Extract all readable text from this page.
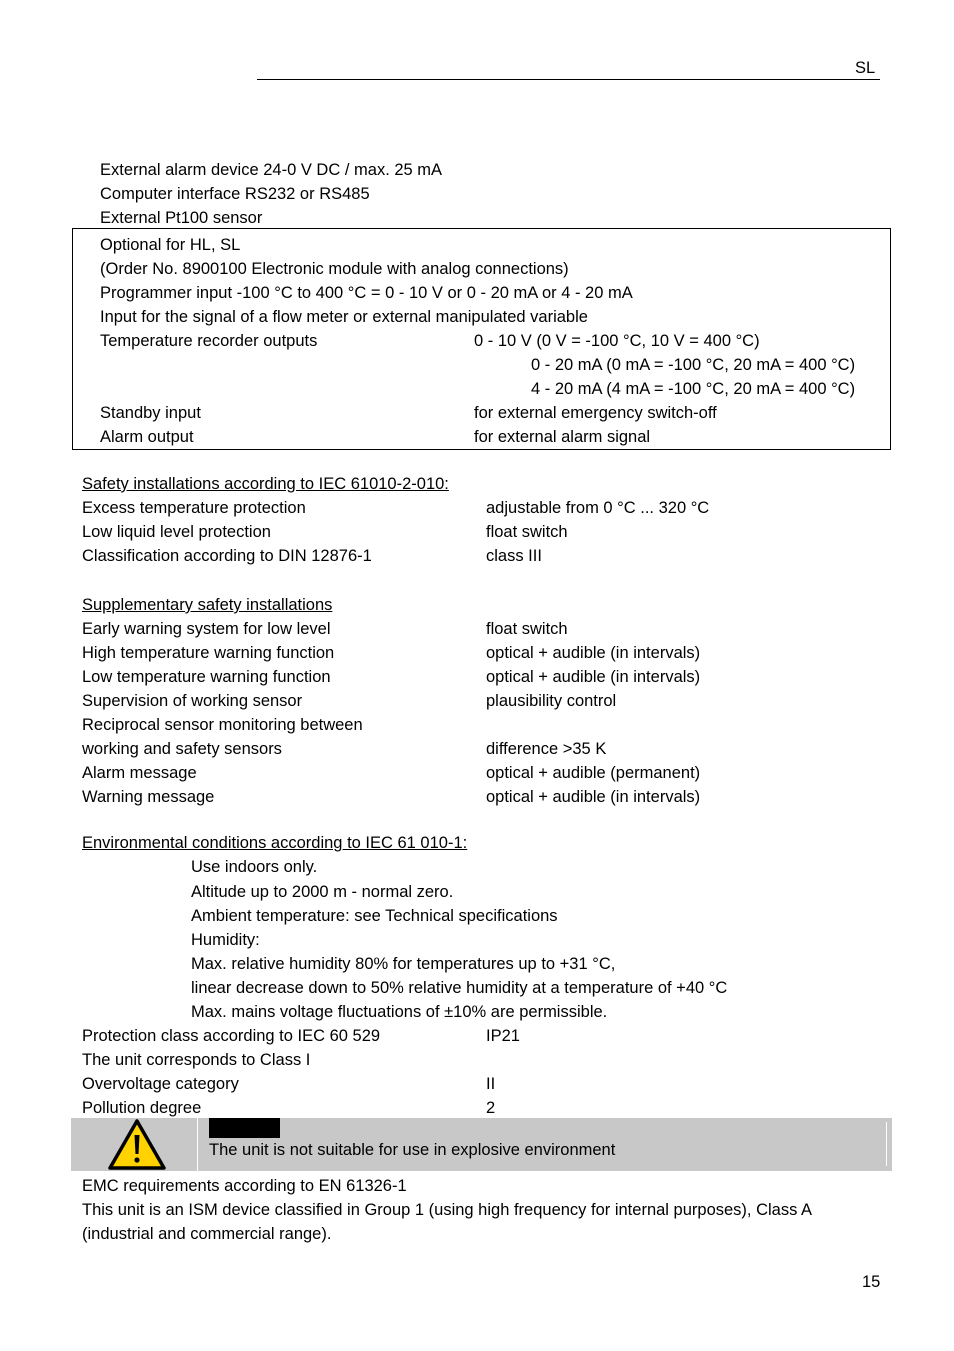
SL
External alarm device 24-0 V DC / max. 25 mA
Computer interface RS232 or RS485
External Pt100 sensor
Optional for HL, SL
(Order No. 8900100 Electronic module with analog connections)
Programmer input -100 °C to 400 °C = 0 - 10 V or 0 - 20 mA or 4 - 20 mA
Input for the signal of a flow meter or external manipulated variable
Temperature recorder outputs	0 - 10 V (0 V = -100 °C, 10 V = 400 °C)
0 - 20 mA (0 mA = -100 °C, 20 mA = 400 °C)
4 - 20 mA (4 mA = -100 °C, 20 mA = 400 °C)
Standby input	for external emergency switch-off
Alarm output	for external alarm signal
Safety installations according to IEC 61010-2-010:
Excess temperature protection	adjustable from 0 °C ... 320 °C
Low liquid level protection	float switch
Classification according to DIN 12876-1	class III
Supplementary safety installations
Early warning system for low level	float switch
High temperature warning function	optical + audible (in intervals)
Low temperature warning function	optical + audible (in intervals)
Supervision of working sensor	plausibility control
Reciprocal sensor monitoring between
working and safety sensors	difference >35 K
Alarm message	optical + audible (permanent)
Warning message	optical + audible (in intervals)
Environmental conditions according to IEC 61 010-1:
Use indoors only.
Altitude up to 2000 m - normal zero.
Ambient temperature: see Technical specifications
Humidity:
Max. relative humidity 80% for temperatures up to +31 °C,
linear decrease down to 50% relative humidity at a temperature of +40 °C
Max. mains voltage fluctuations of ±10% are permissible.
Protection class according to IEC 60 529	IP21
The unit corresponds to Class I
Overvoltage category	II
Pollution degree	2
The unit is not suitable for use in explosive environment
EMC requirements according to EN 61326-1
This unit is an ISM device classified in Group 1 (using high frequency for internal purposes), Class A
(industrial and commercial range).
15
